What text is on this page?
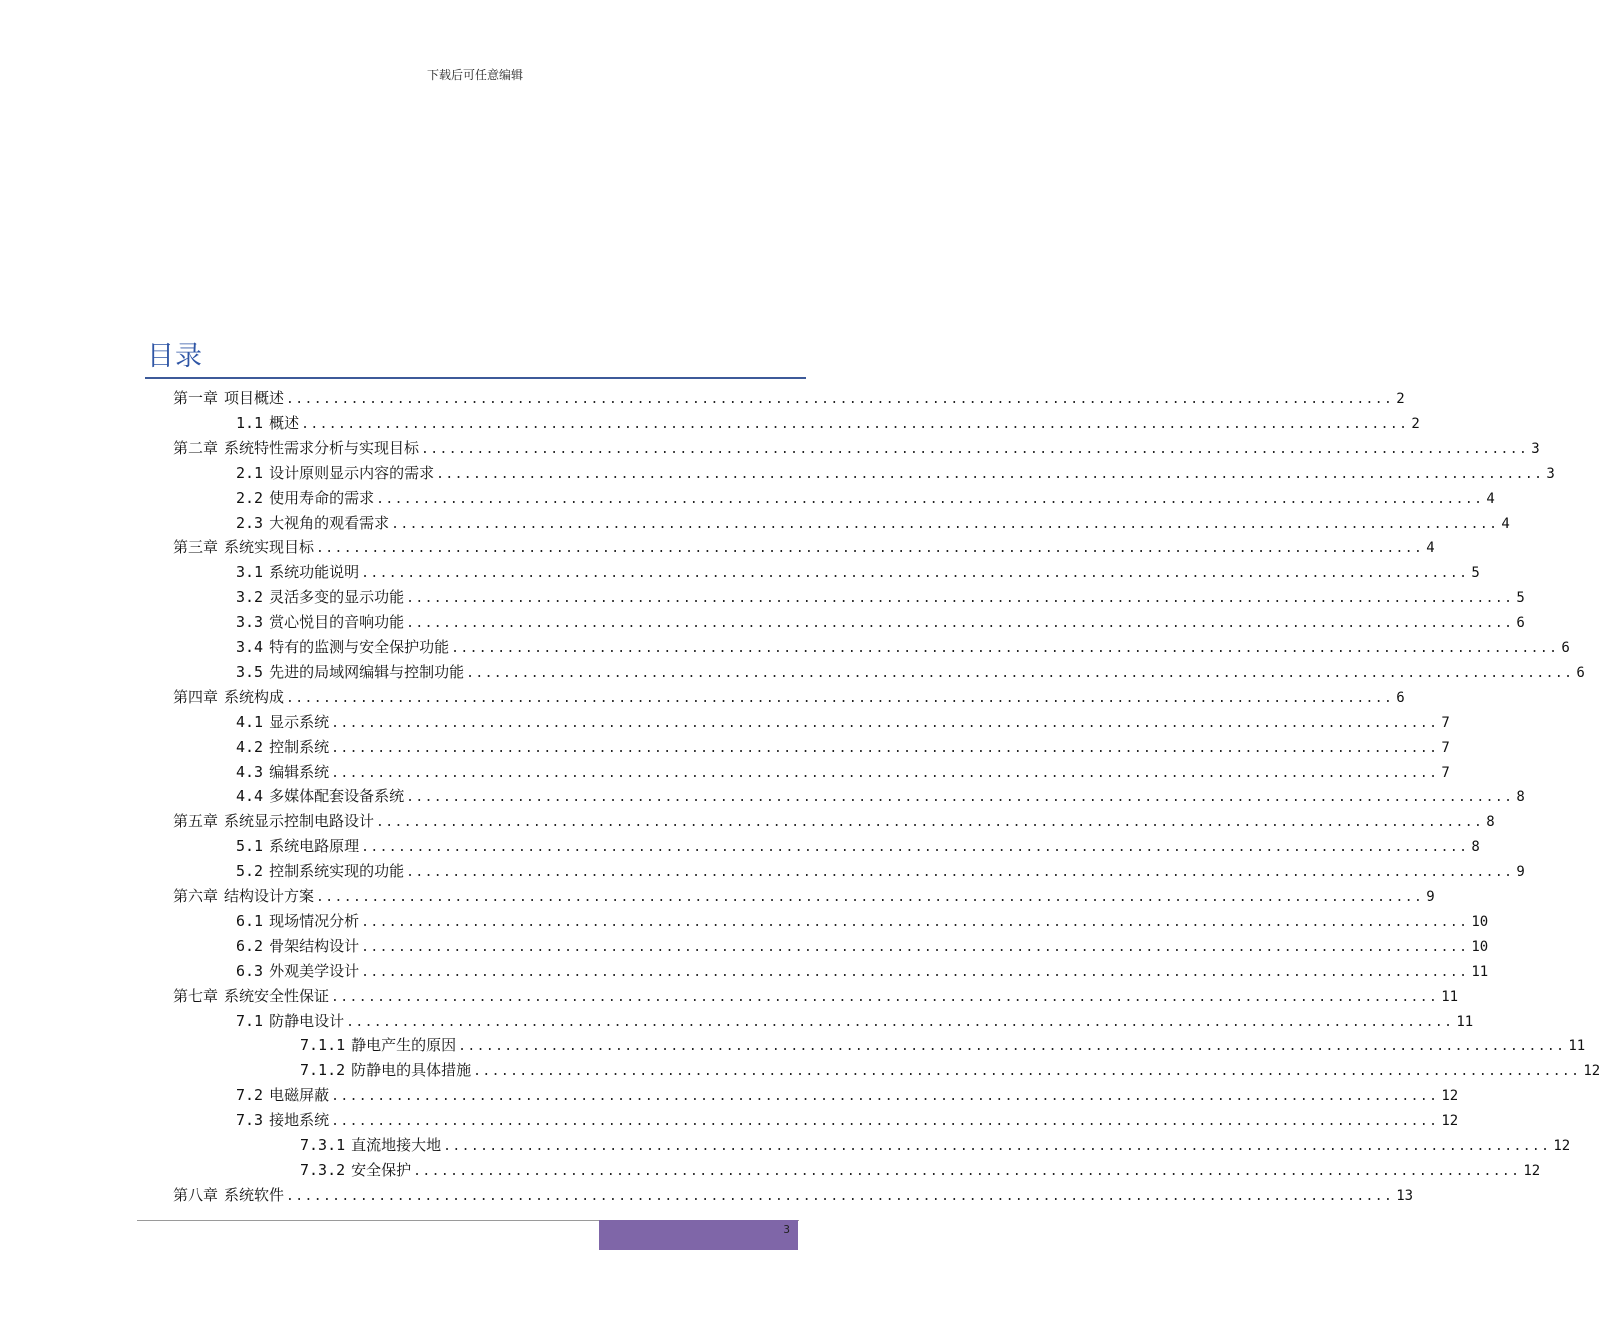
下载后可任意编辑
目录
第一章 项目概述 ........................................................................................................................ 2
1.1 概述 ........................................................................................................................ 2
第二章 系统特性需求分析与实现目标 ........................................................................................................................ 3
2.1 设计原则显示内容的需求 ........................................................................................................................ 3
2.2 使用寿命的需求 ........................................................................................................................ 4
2.3 大视角的观看需求 ........................................................................................................................ 4
第三章 系统实现目标 ........................................................................................................................ 4
3.1 系统功能说明 ........................................................................................................................ 5
3.2 灵活多变的显示功能 ........................................................................................................................ 5
3.3 赏心悦目的音响功能 ........................................................................................................................ 6
3.4 特有的监测与安全保护功能 ........................................................................................................................ 6
3.5 先进的局域网编辑与控制功能 ........................................................................................................................ 6
第四章 系统构成 ........................................................................................................................ 6
4.1 显示系统 ........................................................................................................................ 7
4.2 控制系统 ........................................................................................................................ 7
4.3 编辑系统 ........................................................................................................................ 7
4.4 多媒体配套设备系统 ........................................................................................................................ 8
第五章 系统显示控制电路设计 ........................................................................................................................ 8
5.1 系统电路原理 ........................................................................................................................ 8
5.2 控制系统实现的功能 ........................................................................................................................ 9
第六章 结构设计方案 ........................................................................................................................ 9
6.1 现场情况分析 ........................................................................................................................ 10
6.2 骨架结构设计 ........................................................................................................................ 10
6.3 外观美学设计 ........................................................................................................................ 11
第七章 系统安全性保证 ........................................................................................................................ 11
7.1 防静电设计 ........................................................................................................................ 11
7.1.1 静电产生的原因 ........................................................................................................................ 11
7.1.2 防静电的具体措施 ........................................................................................................................ 12
7.2 电磁屏蔽 ........................................................................................................................ 12
7.3 接地系统 ........................................................................................................................ 12
7.3.1 直流地接大地 ........................................................................................................................ 12
7.3.2 安全保护 ........................................................................................................................ 12
第八章 系统软件 ........................................................................................................................ 13
3
